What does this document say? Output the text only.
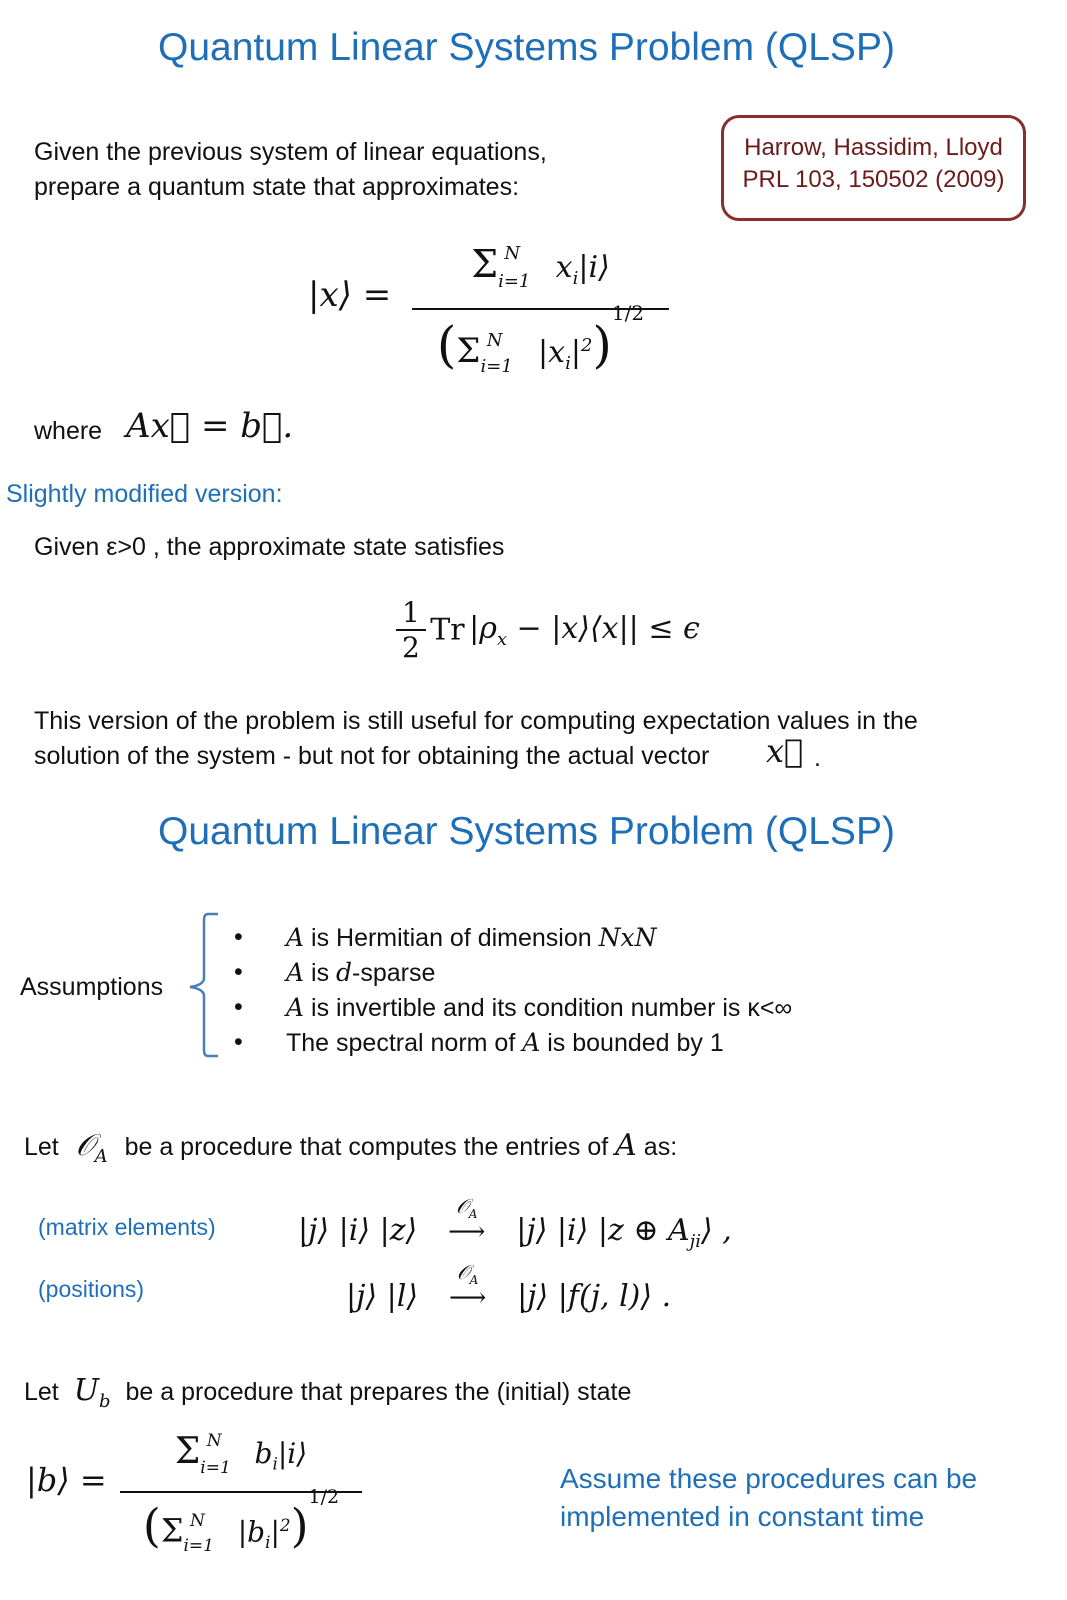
Quantum Linear Systems Problem (QLSP)
Given the previous system of linear equations,
prepare a quantum state that approximates:
Harrow, Hassidim, Lloyd
PRL 103, 150502 (2009)
|x⟩ =
$\Sigma_{i=1}^N$ $x_i|i⟩$
($\Sigma_{i=1}^N$ $|x_i|^2)^{1/2}$
where Ax⃗ = b⃗.
Slightly modified version:
Given ε>0 , the approximate state satisfies
$\frac{1}{2}$ Tr $|\rho_x$ − |x⟩⟨x|| ≤ ϵ
This version of the problem is still useful for computing expectation values in the
solution of the system - but not for obtaining the actual vector x⃗ .
Quantum Linear Systems Problem (QLSP)
Assumptions
• A is Hermitian of dimension NxN
• A is d-sparse
• A is invertible and its condition number is κ<∞
• The spectral norm of A is bounded by 1
Let 𝒪$_A$ be a procedure that computes the entries of A as:
(matrix elements)
(positions)
|j⟩ |i⟩ |z⟩
𝒪$_A$
⟶ |j⟩ |i⟩ |z ⊕ $A_{ji}⟩$ ,
|j⟩ |l⟩
𝒪$_A$
⟶ |j⟩ |f(j, l)⟩ .
Let $U_b$ be a procedure that prepares the (initial) state
|b⟩ =
$\Sigma_{i=1}^N$ $b_i|i⟩$
($\Sigma_{i=1}^N$ $|b_i|^2)^{1/2}$
Assume these procedures can be
implemented in constant time
